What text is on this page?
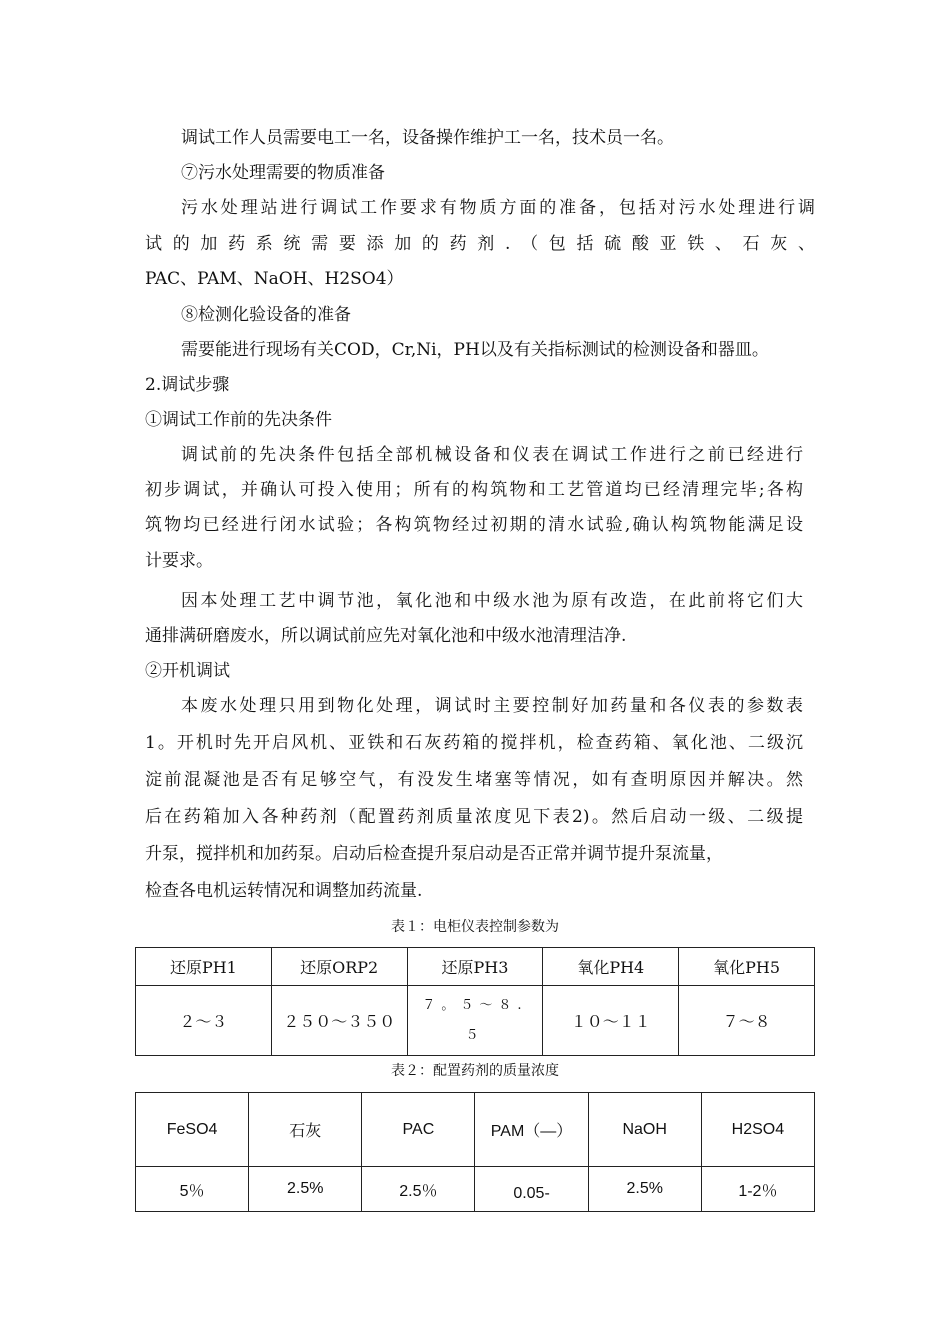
调试工作人员需要电工一名，设备操作维护工一名，技术员一名。
⑦污水处理需要的物质准备
污水处理站进行调试工作要求有物质方面的准备，包括对污水处理进行调
试的加药系统需要添加的药剂.（包括硫酸亚铁、石灰、
PAC、PAM、NaOH、H2SO4）
⑧检测化验设备的准备
需要能进行现场有关COD，Cr,Ni，PH以及有关指标测试的检测设备和器皿。
2.调试步骤
①调试工作前的先决条件
调试前的先决条件包括全部机械设备和仪表在调试工作进行之前已经进行
初步调试，并确认可投入使用；所有的构筑物和工艺管道均已经清理完毕;各构
筑物均已经进行闭水试验；各构筑物经过初期的清水试验,确认构筑物能满足设
计要求。
因本处理工艺中调节池，氧化池和中级水池为原有改造，在此前将它们大
通排满研磨废水，所以调试前应先对氧化池和中级水池清理洁净.
②开机调试
本废水处理只用到物化处理，调试时主要控制好加药量和各仪表的参数表
1。开机时先开启风机、亚铁和石灰药箱的搅拌机，检查药箱、氧化池、二级沉
淀前混凝池是否有足够空气，有没发生堵塞等情况，如有查明原因并解决。然
后在药箱加入各种药剂（配置药剂质量浓度见下表2)。然后启动一级、二级提
升泵，搅拌机和加药泵。启动后检查提升泵启动是否正常并调节提升泵流量，
检查各电机运转情况和调整加药流量.
表１：电柜仪表控制参数为
还原PH1	还原ORP2	还原PH3	氧化PH4	氧化PH5
２～３	２５０～３５０	７。５～８.５	１０～１１	７～８
表２：配置药剂的质量浓度
FeSO4	石灰	PAC	PAM（—）	NaOH	H2SO4
5％	2.5%	2.5％	0.05-	2.5%	1-2％
